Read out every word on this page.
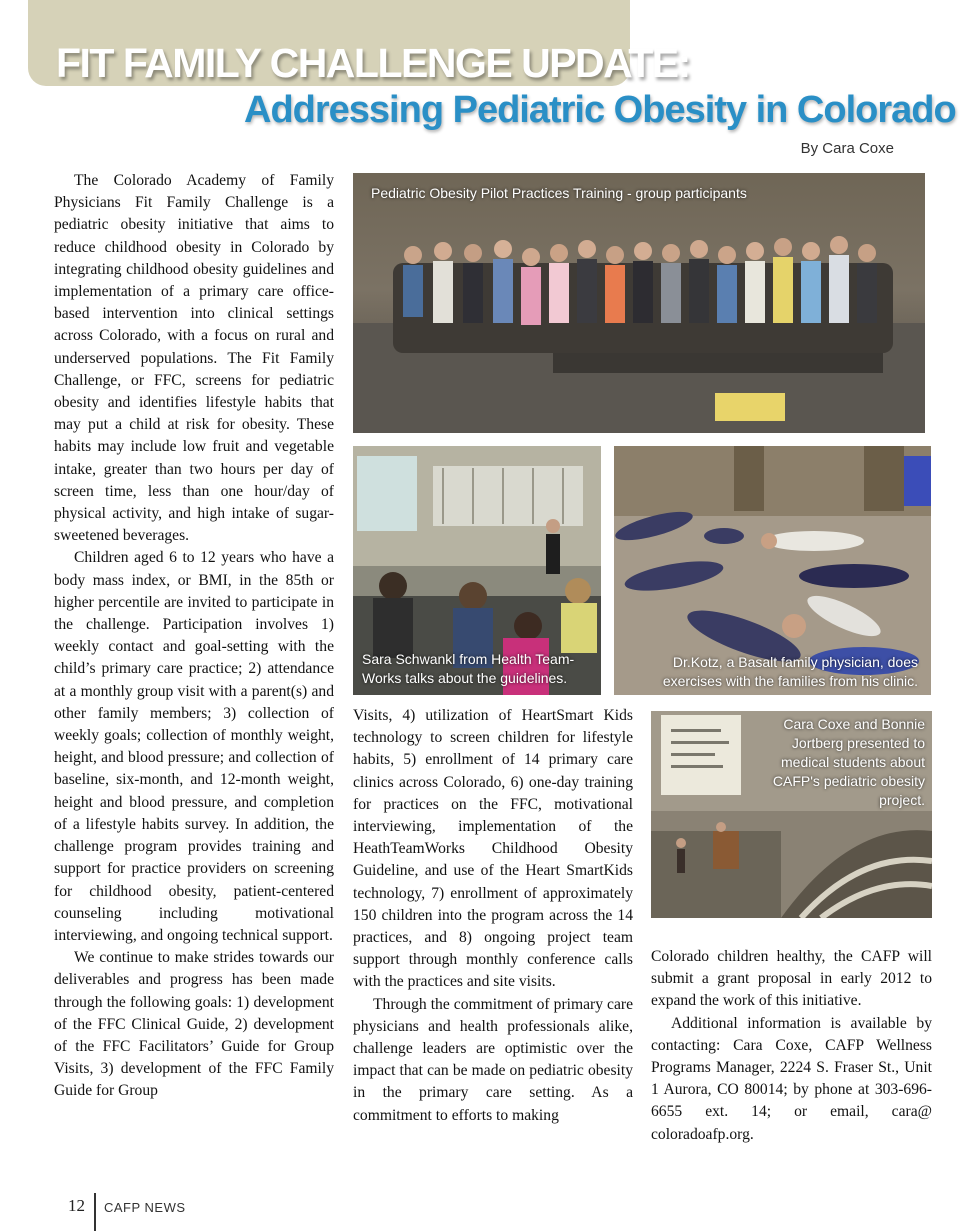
FIT FAMILY CHALLENGE UPDATE:
Addressing Pediatric Obesity in Colorado
By Cara Coxe

The Colorado Academy of Family Physicians Fit Family Challenge is a pediatric obesity initiative that aims to reduce childhood obesity in Colorado by integrating childhood obesity guidelines and implementation of a primary care office-based intervention into clinical settings across Colorado, with a focus on rural and underserved populations. The Fit Family Challenge, or FFC, screens for pediatric obesity and identifies lifestyle habits that may put a child at risk for obesity. These habits may include low fruit and vegetable intake, greater than two hours per day of screen time, less than one hour/day of physical activity, and high intake of sugar-sweetened beverages.

Children aged 6 to 12 years who have a body mass index, or BMI, in the 85th or higher percentile are invited to participate in the challenge. Participation involves 1) weekly contact and goal-setting with the child’s primary care practice; 2) attendance at a monthly group visit with a parent(s) and other family members; 3) collection of weekly goals; collection of monthly weight, height, and blood pressure; and collection of baseline, six-month, and 12-month weight, height and blood pressure, and completion of a lifestyle habits survey. In addition, the challenge program provides training and support for practice providers on screening for childhood obesity, patient-centered counseling including motivational interviewing, and ongoing technical support.

We continue to make strides towards our deliverables and progress has been made through the following goals: 1) development of the FFC Clinical Guide, 2) development of the FFC Facilitators’ Guide for Group Visits, 3) development of the FFC Family Guide for Group

Pediatric Obesity Pilot Practices Training - group participants
Sara Schwankl from Health Team-Works talks about the guidelines.
Dr.Kotz, a Basalt family physician, does exercises with the families from his clinic.
Cara Coxe and Bonnie Jortberg presented to medical students about CAFP's pediatric obesity project.

Visits, 4) utilization of HeartSmart Kids technology to screen children for lifestyle habits, 5) enrollment of 14 primary care clinics across Colorado, 6) one-day training for practices on the FFC, motivational interviewing, implementation of the HeathTeamWorks Childhood Obesity Guideline, and use of the Heart SmartKids technology, 7) enrollment of approximately 150 children into the program across the 14 practices, and 8) ongoing project team support through monthly conference calls with the practices and site visits.

Through the commitment of primary care physicians and health professionals alike, challenge leaders are optimistic over the impact that can be made on pediatric obesity in the primary care setting. As a commitment to efforts to making

Colorado children healthy, the CAFP will submit a grant proposal in early 2012 to expand the work of this initiative.

Additional information is available by contacting: Cara Coxe, CAFP Wellness Programs Manager, 2224 S. Fraser St., Unit 1 Aurora, CO 80014; by phone at 303-696-6655 ext. 14; or email, cara@ coloradoafp.org.

12 CAFP NEWS
